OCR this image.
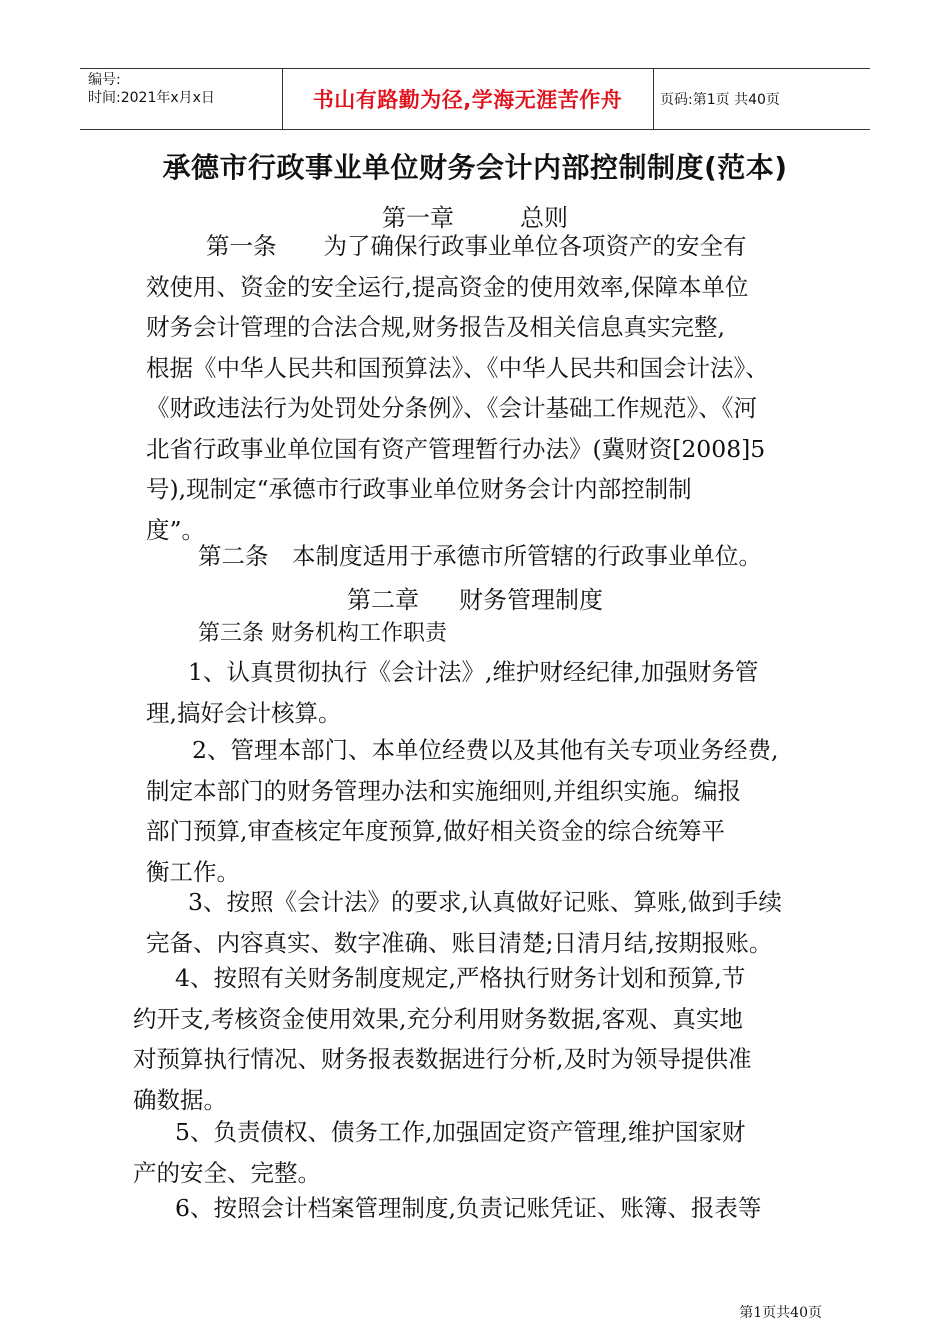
编号:
时间:2021年x月x日	书山有路勤为径,学海无涯苦作舟	页码:第1页 共40页
承德市行政事业单位财务会计内部控制制度(范本)
第一章	总则
第一条　　为了确保行政事业单位各项资产的安全有
效使用、资金的安全运行,提高资金的使用效率,保障本单位
财务会计管理的合法合规,财务报告及相关信息真实完整,
根据《中华人民共和国预算法》、《中华人民共和国会计法》、
《财政违法行为处罚处分条例》、《会计基础工作规范》、《河
北省行政事业单位国有资产管理暂行办法》(冀财资[2008]5
号),现制定“承德市行政事业单位财务会计内部控制制
度”。
第二条　本制度适用于承德市所管辖的行政事业单位。
第二章 财务管理制度
第三条 财务机构工作职责
1、认真贯彻执行《会计法》,维护财经纪律,加强财务管
理,搞好会计核算。
2、管理本部门、本单位经费以及其他有关专项业务经费,
制定本部门的财务管理办法和实施细则,并组织实施。编报
部门预算,审查核定年度预算,做好相关资金的综合统筹平
衡工作。
3、按照《会计法》的要求,认真做好记账、算账,做到手续
完备、内容真实、数字准确、账目清楚;日清月结,按期报账。
4、按照有关财务制度规定,严格执行财务计划和预算,节
约开支,考核资金使用效果,充分利用财务数据,客观、真实地
对预算执行情况、财务报表数据进行分析,及时为领导提供准
确数据。
5、负责债权、债务工作,加强固定资产管理,维护国家财
产的安全、完整。
6、按照会计档案管理制度,负责记账凭证、账簿、报表等
第1页共40页
